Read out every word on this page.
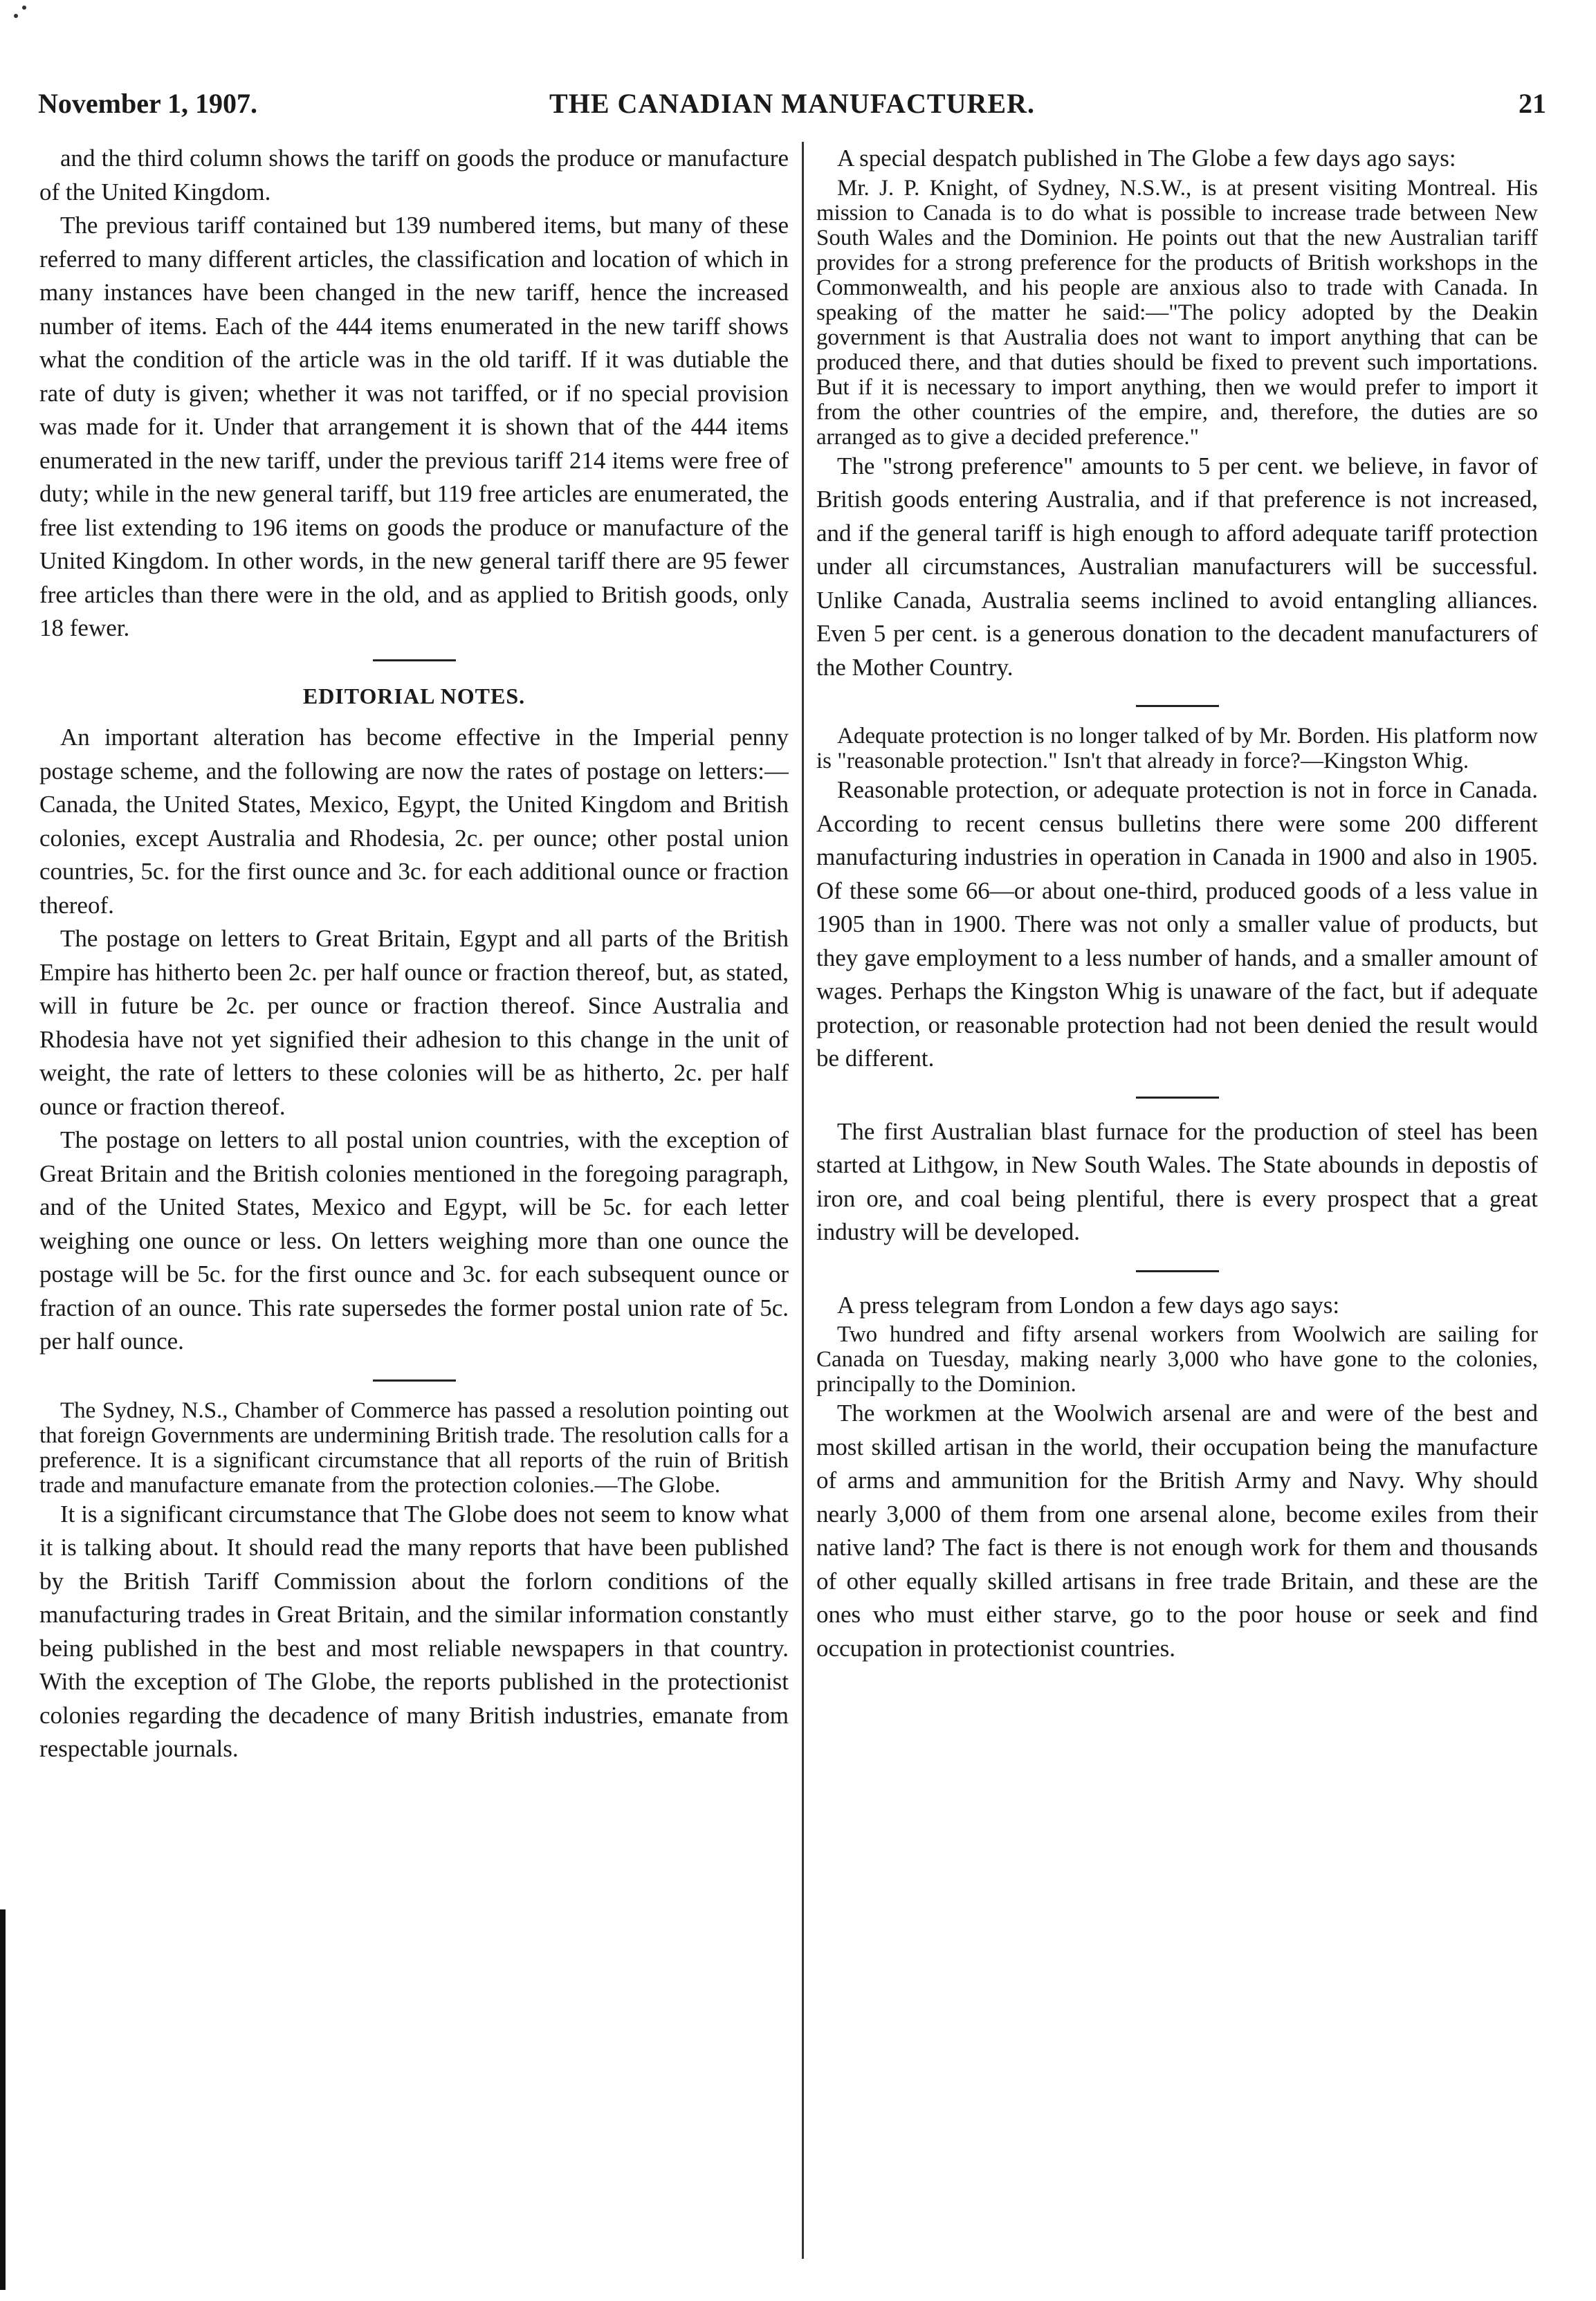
November 1, 1907.	THE CANADIAN MANUFACTURER.	21

and the third column shows the tariff on goods the produce or manufacture of the United Kingdom.

The previous tariff contained but 139 numbered items, but many of these referred to many different articles, the classification and location of which in many instances have been changed in the new tariff, hence the increased number of items. Each of the 444 items enumerated in the new tariff shows what the condition of the article was in the old tariff. If it was dutiable the rate of duty is given; whether it was not tariffed, or if no special provision was made for it. Under that arrangement it is shown that of the 444 items enumerated in the new tariff, under the previous tariff 214 items were free of duty; while in the new general tariff, but 119 free articles are enumerated, the free list extending to 196 items on goods the produce or manufacture of the United Kingdom. In other words, in the new general tariff there are 95 fewer free articles than there were in the old, and as applied to British goods, only 18 fewer.

EDITORIAL NOTES.

An important alteration has become effective in the Imperial penny postage scheme, and the following are now the rates of postage on letters:—Canada, the United States, Mexico, Egypt, the United Kingdom and British colonies, except Australia and Rhodesia, 2c. per ounce; other postal union countries, 5c. for the first ounce and 3c. for each additional ounce or fraction thereof.

The postage on letters to Great Britain, Egypt and all parts of the British Empire has hitherto been 2c. per half ounce or fraction thereof, but, as stated, will in future be 2c. per ounce or fraction thereof. Since Australia and Rhodesia have not yet signified their adhesion to this change in the unit of weight, the rate of letters to these colonies will be as hitherto, 2c. per half ounce or fraction thereof.

The postage on letters to all postal union countries, with the exception of Great Britain and the British colonies mentioned in the foregoing paragraph, and of the United States, Mexico and Egypt, will be 5c. for each letter weighing one ounce or less. On letters weighing more than one ounce the postage will be 5c. for the first ounce and 3c. for each subsequent ounce or fraction of an ounce. This rate supersedes the former postal union rate of 5c. per half ounce.

The Sydney, N.S., Chamber of Commerce has passed a resolution pointing out that foreign Governments are undermining British trade. The resolution calls for a preference. It is a significant circumstance that all reports of the ruin of British trade and manufacture emanate from the protection colonies.—The Globe.

It is a significant circumstance that The Globe does not seem to know what it is talking about. It should read the many reports that have been published by the British Tariff Commission about the forlorn conditions of the manufacturing trades in Great Britain, and the similar information constantly being published in the best and most reliable newspapers in that country. With the exception of The Globe, the reports published in the protectionist colonies regarding the decadence of many British industries, emanate from respectable journals.

A special despatch published in The Globe a few days ago says:

Mr. J. P. Knight, of Sydney, N.S.W., is at present visiting Montreal. His mission to Canada is to do what is possible to increase trade between New South Wales and the Dominion. He points out that the new Australian tariff provides for a strong preference for the products of British workshops in the Commonwealth, and his people are anxious also to trade with Canada. In speaking of the matter he said:—"The policy adopted by the Deakin government is that Australia does not want to import anything that can be produced there, and that duties should be fixed to prevent such importations. But if it is necessary to import anything, then we would prefer to import it from the other countries of the empire, and, therefore, the duties are so arranged as to give a decided preference."

The "strong preference" amounts to 5 per cent. we believe, in favor of British goods entering Australia, and if that preference is not increased, and if the general tariff is high enough to afford adequate tariff protection under all circumstances, Australian manufacturers will be successful. Unlike Canada, Australia seems inclined to avoid entangling alliances. Even 5 per cent. is a generous donation to the decadent manufacturers of the Mother Country.

Adequate protection is no longer talked of by Mr. Borden. His platform now is "reasonable protection." Isn't that already in force?—Kingston Whig.

Reasonable protection, or adequate protection is not in force in Canada. According to recent census bulletins there were some 200 different manufacturing industries in operation in Canada in 1900 and also in 1905. Of these some 66—or about one-third, produced goods of a less value in 1905 than in 1900. There was not only a smaller value of products, but they gave employment to a less number of hands, and a smaller amount of wages. Perhaps the Kingston Whig is unaware of the fact, but if adequate protection, or reasonable protection had not been denied the result would be different.

The first Australian blast furnace for the production of steel has been started at Lithgow, in New South Wales. The State abounds in depostis of iron ore, and coal being plentiful, there is every prospect that a great industry will be developed.

A press telegram from London a few days ago says:

Two hundred and fifty arsenal workers from Woolwich are sailing for Canada on Tuesday, making nearly 3,000 who have gone to the colonies, principally to the Dominion.

The workmen at the Woolwich arsenal are and were of the best and most skilled artisan in the world, their occupation being the manufacture of arms and ammunition for the British Army and Navy. Why should nearly 3,000 of them from one arsenal alone, become exiles from their native land? The fact is there is not enough work for them and thousands of other equally skilled artisans in free trade Britain, and these are the ones who must either starve, go to the poor house or seek and find occupation in protectionist countries.
